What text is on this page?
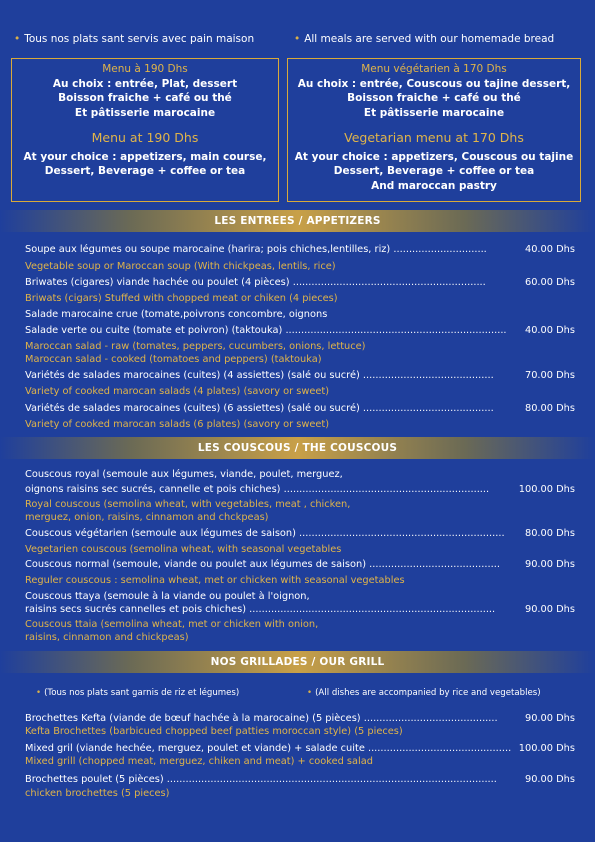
• Tous nos plats sant servis avec pain maison	• All meals are served with our homemade bread
Menu à 190 Dhs
Au choix : entrée, Plat, dessert
Boisson fraiche + café ou thé
Et pâtisserie marocaine
Menu at 190 Dhs
At your choice : appetizers, main course,
Dessert, Beverage + coffee or tea
Menu végétarien à 170 Dhs
Au choix : entrée, Couscous ou tajine dessert,
Boisson fraiche + café ou thé
Et pâtisserie marocaine
Vegetarian menu at 170 Dhs
At your choice : appetizers, Couscous ou tajine
Dessert, Beverage + coffee or tea
And maroccan pastry
LES ENTREES / APPETIZERS
Soupe aux légumes ou soupe marocaine (harira; pois chiches,lentilles, riz) ..............................	40.00 Dhs
Vegetable soup or Maroccan soup (With chickpeas, lentils, rice)
Briwates (cigares) viande hachée ou poulet (4 pièces) ..............................................................	60.00 Dhs
Briwats (cigars) Stuffed with chopped meat or chiken (4 pieces)
Salade marocaine crue (tomate,poivrons concombre, oignons
Salade verte ou cuite (tomate et poivron) (taktouka) .......................................................................	40.00 Dhs
Maroccan salad - raw (tomates, peppers, cucumbers, onions, lettuce)
Maroccan salad - cooked (tomatoes and peppers) (taktouka)
Variétés de salades marocaines (cuites) (4 assiettes) (salé ou sucré) ..........................................	70.00 Dhs
Variety of cooked marocan salads (4 plates) (savory or sweet)
Variétés de salades marocaines (cuites) (6 assiettes) (salé ou sucré) ..........................................	80.00 Dhs
Variety of cooked marocan salads (6 plates) (savory or sweet)
LES COUSCOUS / THE COUSCOUS
Couscous royal (semoule aux légumes, viande, poulet, merguez,
oignons raisins sec sucrés, cannelle et pois chiches) ..................................................................	100.00 Dhs
Royal couscous (semolina wheat, with vegetables, meat , chicken,
merguez, onion, raisins, cinnamon and chckpeas)
Couscous végétarien (semoule aux légumes de saison) ..................................................................	80.00 Dhs
Vegetarien couscous (semolina wheat, with seasonal vegetables
Couscous normal (semoule, viande ou poulet aux légumes de saison) ..........................................	90.00 Dhs
Reguler couscous : semolina wheat, met or chicken with seasonal vegetables
Couscous ttaya (semoule à la viande ou poulet à l'oignon,
raisins secs sucrés cannelles et pois chiches) ...............................................................................	90.00 Dhs
Couscous ttaia (semolina wheat, met or chicken with onion,
raisins, cinnamon and chickpeas)
NOS GRILLADES / OUR GRILL
• (Tous nos plats sant garnis de riz et légumes)	• (All dishes are accompanied by rice and vegetables)
Brochettes Kefta (viande de bœuf hachée à la marocaine) (5 pièces) ...........................................	90.00 Dhs
Kefta Brochettes (barbicued chopped beef patties moroccan style) (5 pieces)
Mixed gril (viande hechée, merguez, poulet et viande) + salade cuite .............................................. 100.00 Dhs
Mixed grill (chopped meat, merguez, chiken and meat) + cooked salad
Brochettes poulet (5 pièces) ..........................................................................................................	90.00 Dhs
chicken brochettes (5 pieces)
